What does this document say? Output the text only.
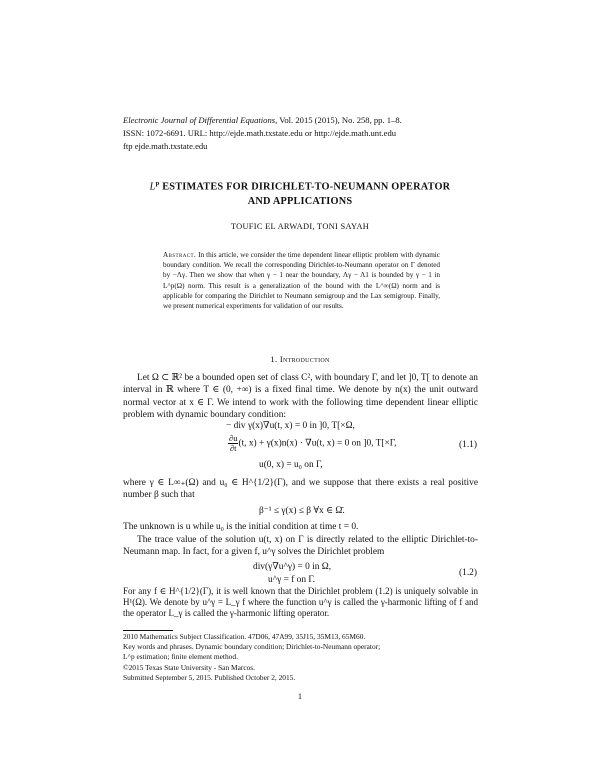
Electronic Journal of Differential Equations, Vol. 2015 (2015), No. 258, pp. 1–8.
ISSN: 1072-6691. URL: http://ejde.math.txstate.edu or http://ejde.math.unt.edu
ftp ejde.math.txstate.edu
$L^p$ ESTIMATES FOR DIRICHLET-TO-NEUMANN OPERATOR
AND APPLICATIONS
TOUFIC EL ARWADI, TONI SAYAH
Abstract. In this article, we consider the time dependent linear elliptic problem with dynamic boundary condition. We recall the corresponding Dirichlet-to-Neumann operator on Γ denoted by −Λγ. Then we show that when γ − 1 near the boundary, Λγ − Λ1 is bounded by γ − 1 in L^p(Ω) norm. This result is a generalization of the bound with the L^∞(Ω) norm and is applicable for comparing the Dirichlet to Neumann semigroup and the Lax semigroup. Finally, we present numerical experiments for validation of our results.
1. Introduction
Let Ω ⊂ ℝ² be a bounded open set of class C², with boundary Γ, and let ]0, T[ to denote an interval in ℝ where T ∈ (0, +∞) is a fixed final time. We denote by n(x) the unit outward normal vector at x ∈ Γ. We intend to work with the following time dependent linear elliptic problem with dynamic boundary condition:
− div γ(x)∇u(t, x) = 0 in ]0, T[×Ω,
$\frac{\partial u}{\partial t} (t$, x) + γ(x)n(x) · ∇u(t, x) = 0 on ]0, T[×Γ,	(1.1)
u(0, x) = u₀ on Γ,
where γ ∈ L∞₊(Ω) and u₀ ∈ H^{1/2}(Γ), and we suppose that there exists a real positive number β such that
β⁻¹ ≤ γ(x) ≤ β ∀x ∈ Ω̄.
The unknown is u while u₀ is the initial condition at time t = 0.
The trace value of the solution u(t, x) on Γ is directly related to the elliptic Dirichlet-to-Neumann map. In fact, for a given f, u^γ solves the Dirichlet problem
div(γ∇u^γ) = 0 in Ω,
(1.2)
u^γ = f on Γ.
For any f ∈ H^{1/2}(Γ), it is well known that the Dirichlet problem (1.2) is uniquely solvable in H¹(Ω). We denote by u^γ = L_γ f where the function u^γ is called the γ-harmonic lifting of f and the operator L_γ is called the γ-harmonic lifting operator.
2010 Mathematics Subject Classification. 47D06, 47A99, 35J15, 35M13, 65M60.
Key words and phrases. Dynamic boundary condition; Dirichlet-to-Neumann operator;
L^p estimation; finite element method.
©2015 Texas State University - San Marcos.
Submitted September 5, 2015. Published October 2, 2015.
1
